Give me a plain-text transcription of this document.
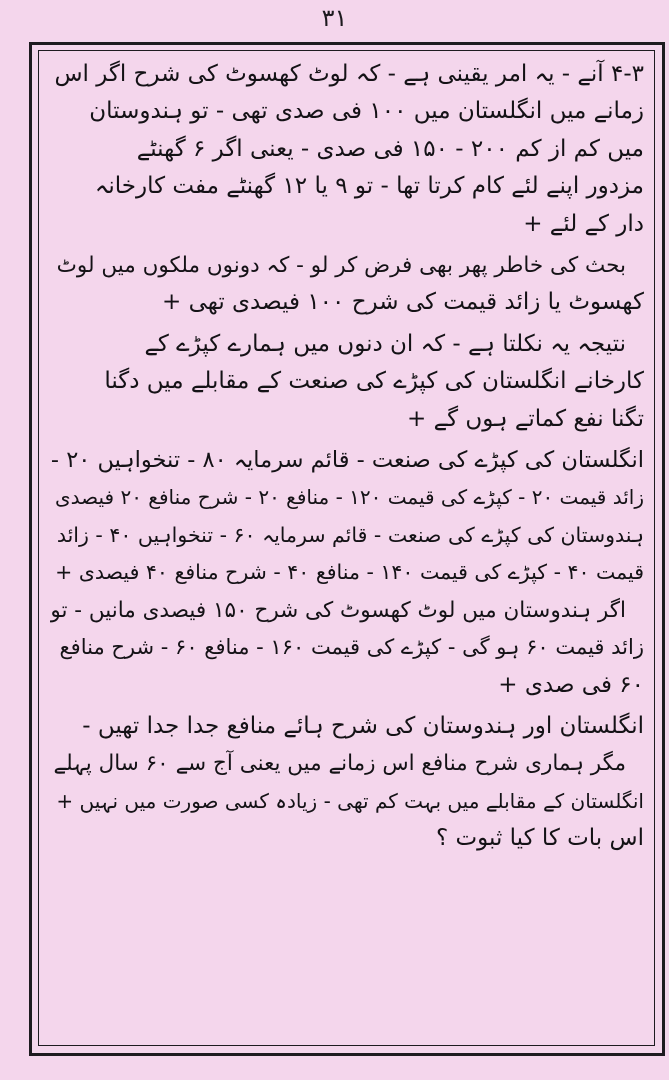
۳۱
۴-۳ آنے - یہ امر یقینی ہے - کہ لوٹ کھسوٹ کی شرح اگر اس
زمانے میں انگلستان میں ۱۰۰ فی صدی تھی - تو ہندوستان
میں کم از کم ۲۰۰ - ۱۵۰ فی صدی - یعنی اگر ۶ گھنٹے
مزدور اپنے لئے کام کرتا تھا - تو ۹ یا ۱۲ گھنٹے مفت کارخانہ
دار کے لئے +
بحث کی خاطر پھر بھی فرض کر لو - کہ دونوں ملکوں میں لوٹ
کھسوٹ یا زائد قیمت کی شرح ۱۰۰ فیصدی تھی +
نتیجہ یہ نکلتا ہے - کہ ان دنوں میں ہمارے کپڑے کے
کارخانے انگلستان کی کپڑے کی صنعت کے مقابلے میں دگنا
تگنا نفع کماتے ہوں گے +
انگلستان کی کپڑے کی صنعت - قائم سرمایہ ۸۰ - تنخواہیں ۲۰ -
زائد قیمت ۲۰ - کپڑے کی قیمت ۱۲۰ - منافع ۲۰ - شرح منافع ۲۰ فیصدی
ہندوستان کی کپڑے کی صنعت - قائم سرمایہ ۶۰ - تنخواہیں ۴۰ - زائد
قیمت ۴۰ - کپڑے کی قیمت ۱۴۰ - منافع ۴۰ - شرح منافع ۴۰ فیصدی +
اگر ہندوستان میں لوٹ کھسوٹ کی شرح ۱۵۰ فیصدی مانیں - تو
زائد قیمت ۶۰ ہو گی - کپڑے کی قیمت ۱۶۰ - منافع ۶۰ - شرح منافع
۶۰ فی صدی +
انگلستان اور ہندوستان کی شرح ہائے منافع جدا جدا تھیں -
مگر ہماری شرح منافع اس زمانے میں یعنی آج سے ۶۰ سال پہلے
انگلستان کے مقابلے میں بہت کم تھی - زیادہ کسی صورت میں نہیں +
اس بات کا کیا ثبوت ؟
